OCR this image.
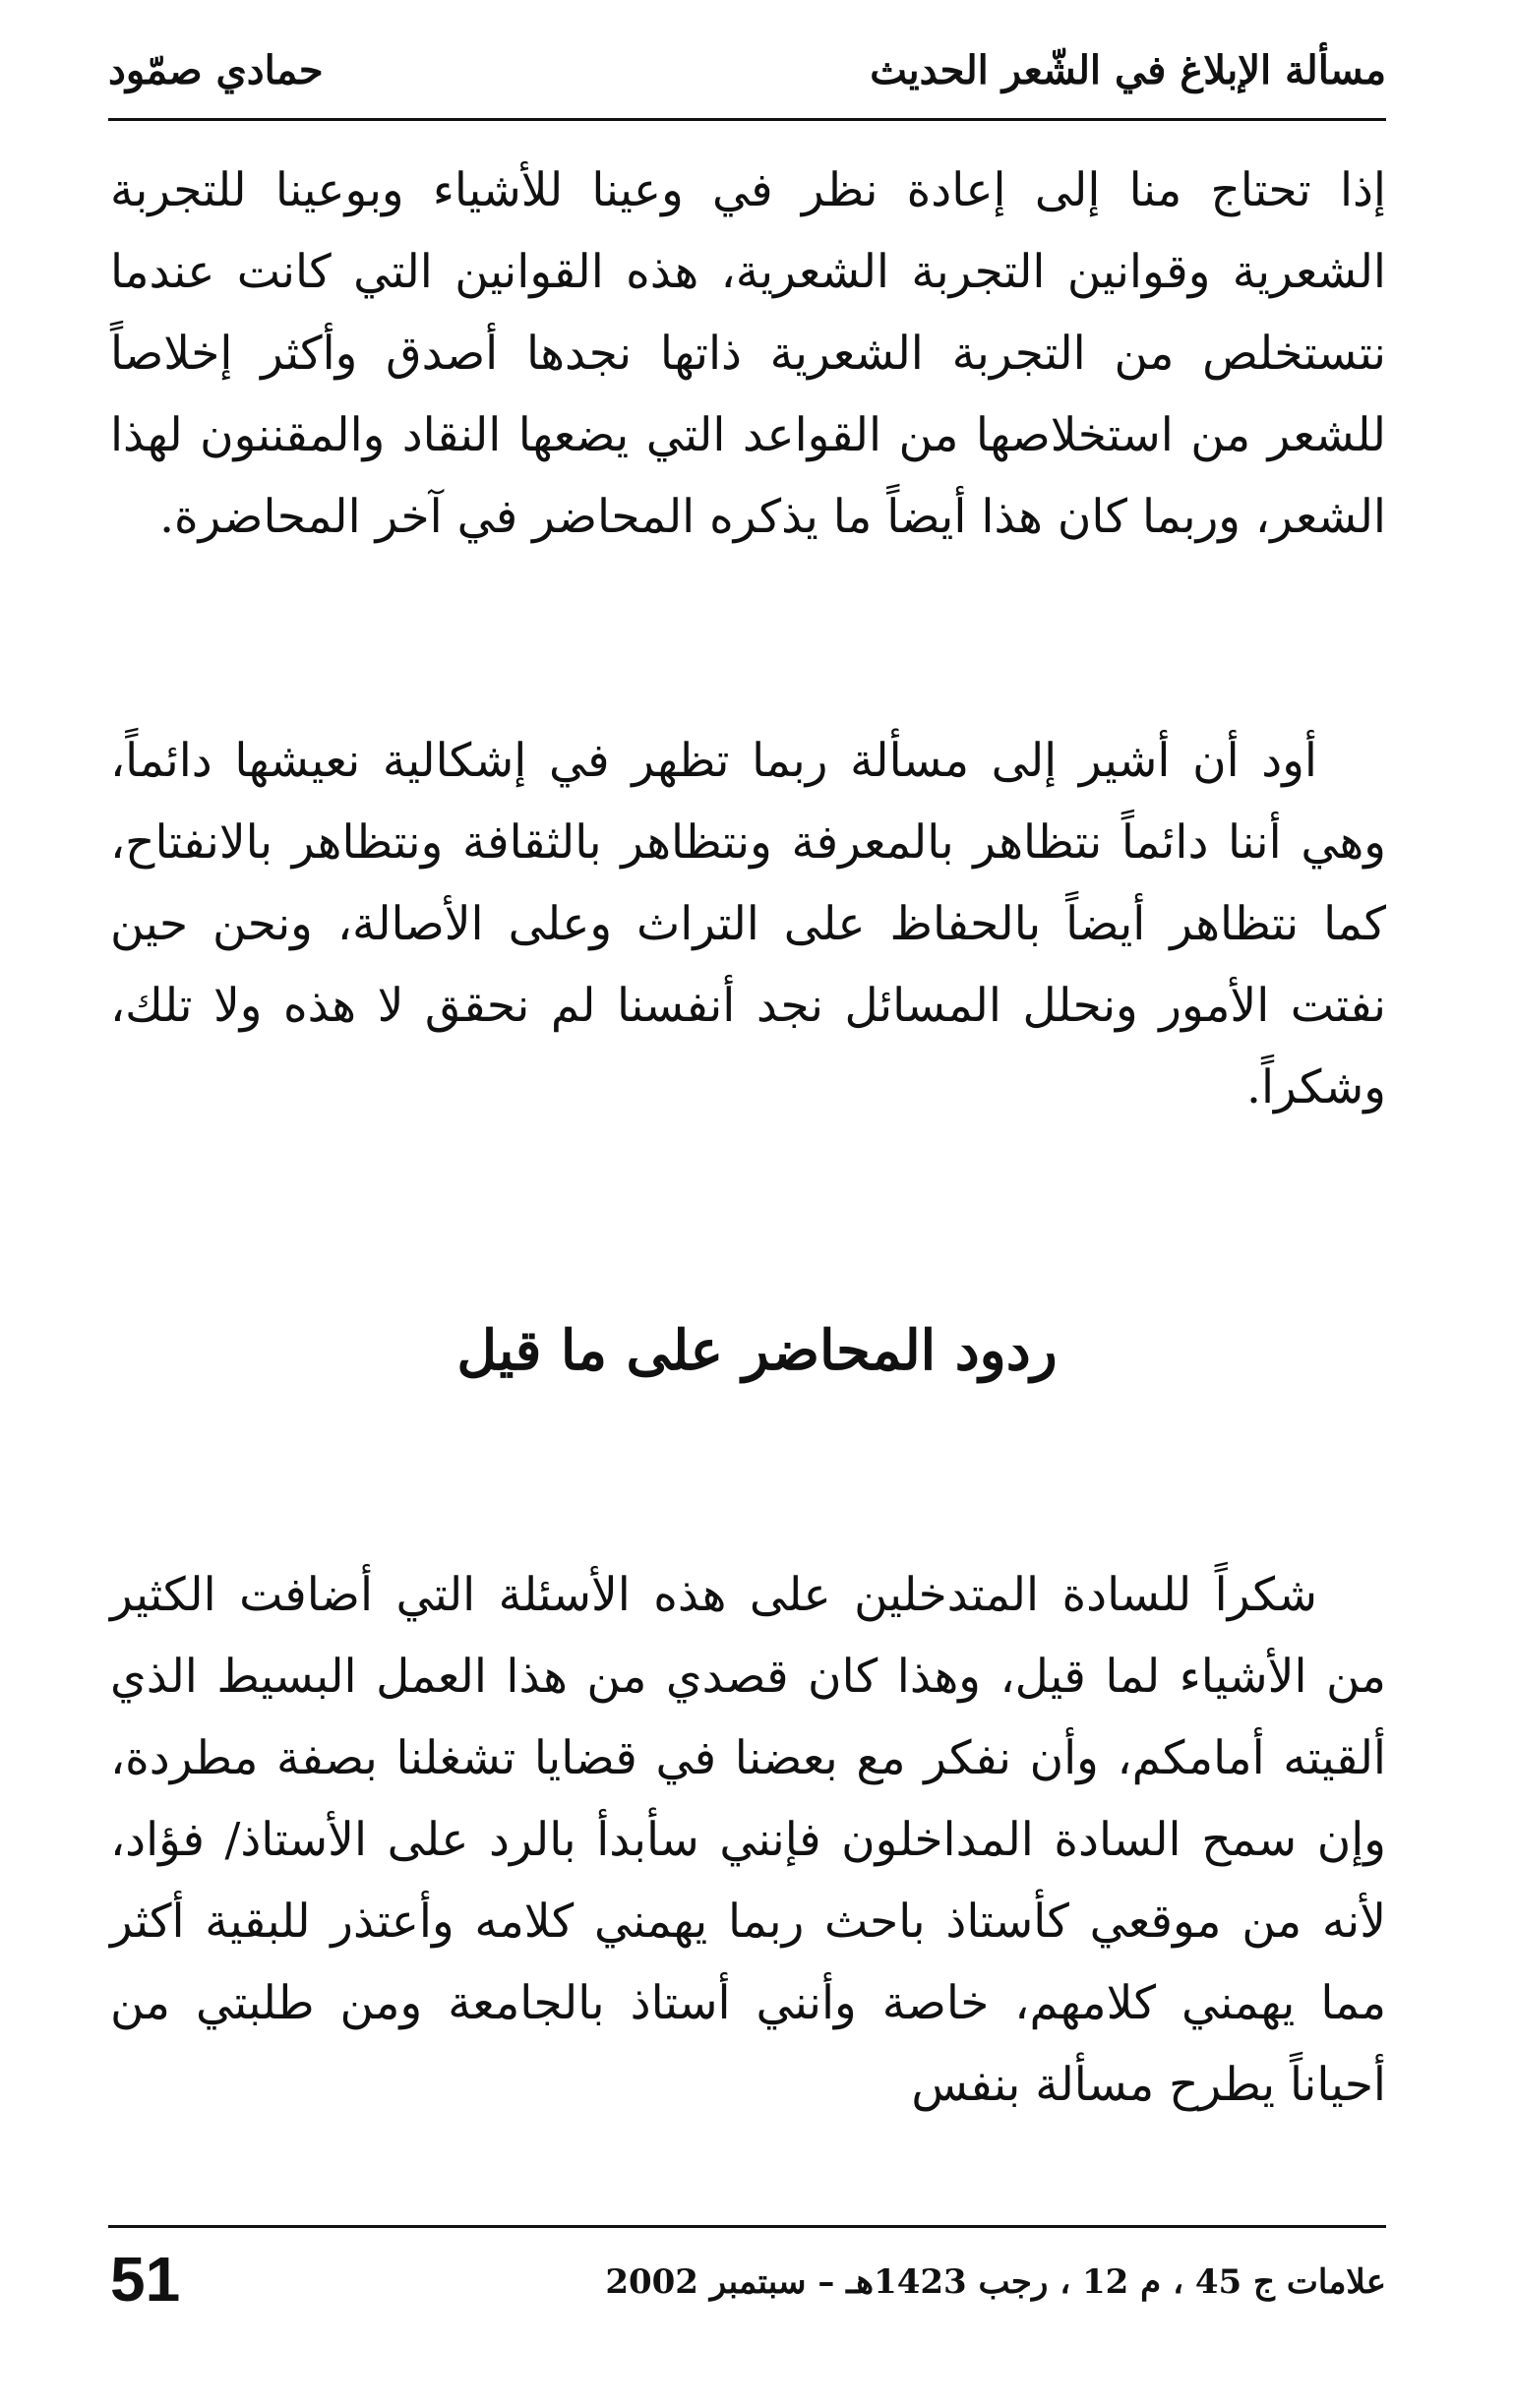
مسألة الإبلاغ في الشّعر الحديث
حمادي صمّود

إذا تحتاج منا إلى إعادة نظر في وعينا للأشياء وبوعينا للتجربة الشعرية وقوانين التجربة الشعرية، هذه القوانين التي كانت عندما نتستخلص من التجربة الشعرية ذاتها نجدها أصدق وأكثر إخلاصاً للشعر من استخلاصها من القواعد التي يضعها النقاد والمقننون لهذا الشعر، وربما كان هذا أيضاً ما يذكره المحاضر في آخر المحاضرة.

أود أن أشير إلى مسألة ربما تظهر في إشكالية نعيشها دائماً، وهي أننا دائماً نتظاهر بالمعرفة ونتظاهر بالثقافة ونتظاهر بالانفتاح، كما نتظاهر أيضاً بالحفاظ على التراث وعلى الأصالة، ونحن حين نفتت الأمور ونحلل المسائل نجد أنفسنا لم نحقق لا هذه ولا تلك، وشكراً.

ردود المحاضر على ما قيل

شكراً للسادة المتدخلين على هذه الأسئلة التي أضافت الكثير من الأشياء لما قيل، وهذا كان قصدي من هذا العمل البسيط الذي ألقيته أمامكم، وأن نفكر مع بعضنا في قضايا تشغلنا بصفة مطردة، وإن سمح السادة المداخلون فإنني سأبدأ بالرد على الأستاذ/ فؤاد، لأنه من موقعي كأستاذ باحث ربما يهمني كلامه وأعتذر للبقية أكثر مما يهمني كلامهم، خاصة وأنني أستاذ بالجامعة ومن طلبتي من أحياناً يطرح مسألة بنفس

علامات ج 45 ، م 12 ، رجب 1423هـ – سبتمبر 2002
51
